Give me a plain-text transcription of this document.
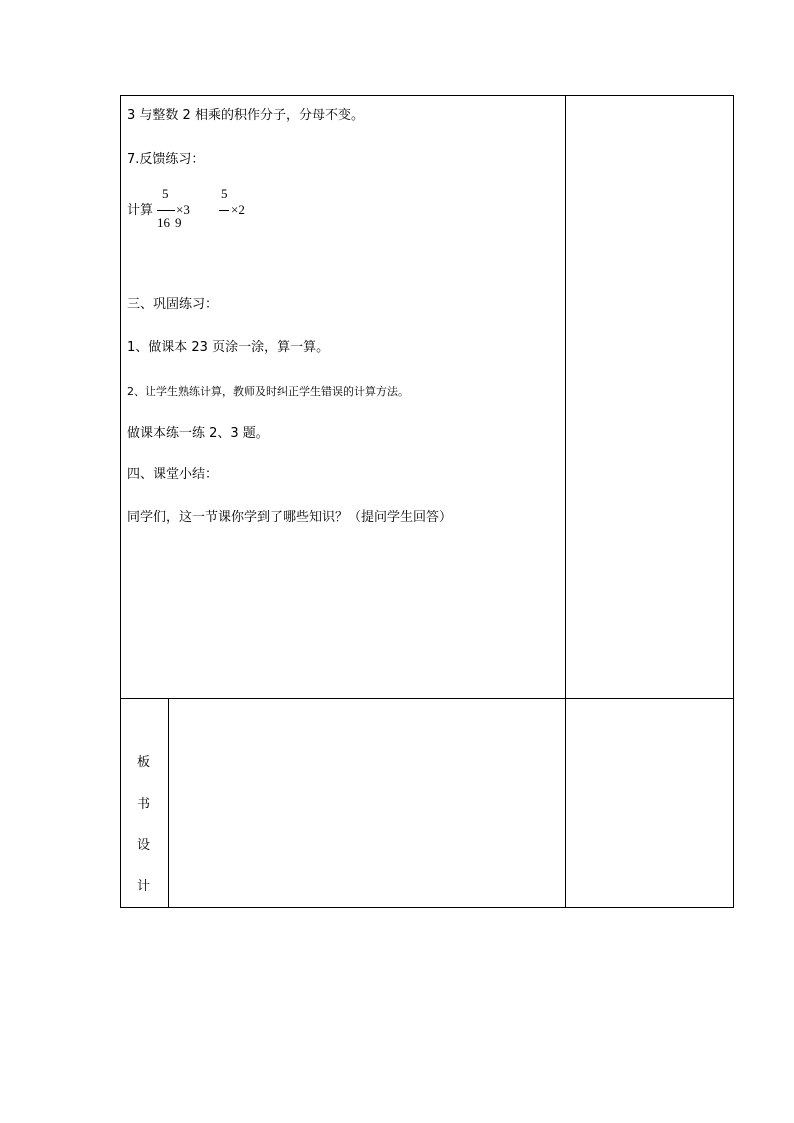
3 与整数 2 相乘的积作分子，分母不变。
7.反馈练习：
计算
5
16
×3
9
5
×2
三、巩固练习：
1、做课本 23 页涂一涂，算一算。
2、让学生熟练计算，教师及时纠正学生错误的计算方法。
做课本练一练 2、3 题。
四、课堂小结：
同学们，这一节课你学到了哪些知识？（提问学生回答）
板
书
设
计
